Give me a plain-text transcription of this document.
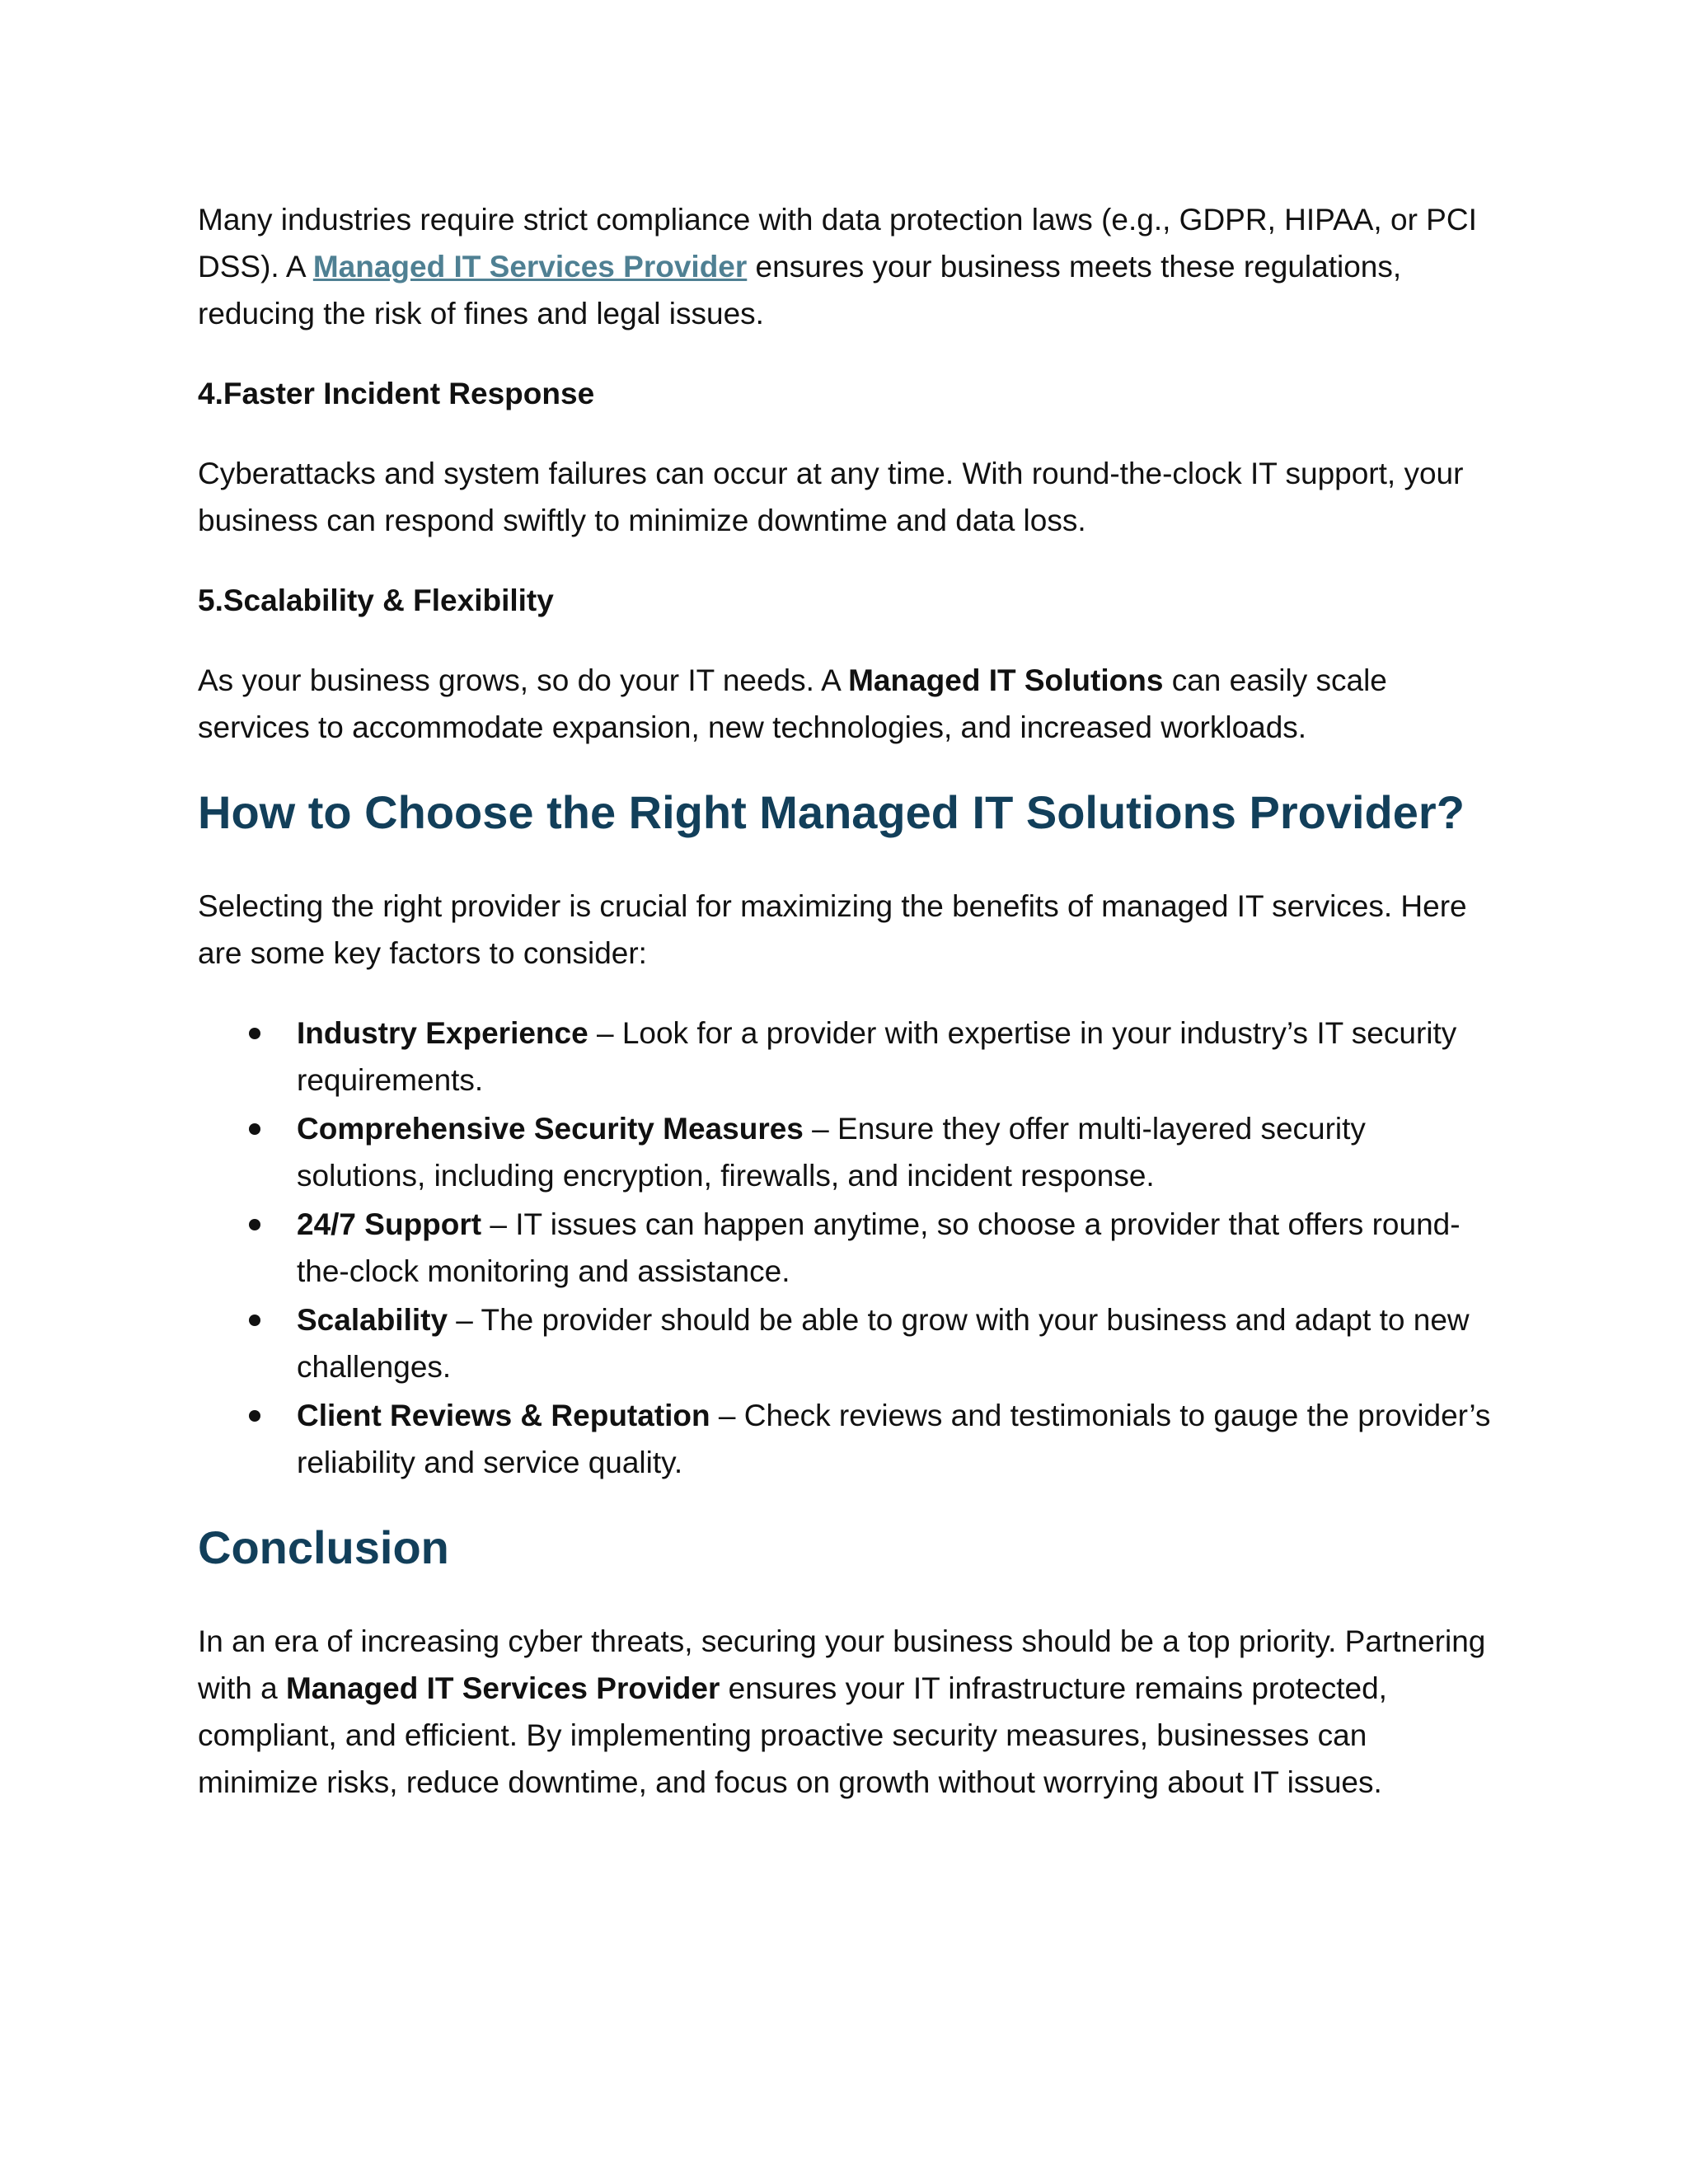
Many industries require strict compliance with data protection laws (e.g., GDPR, HIPAA, or PCI DSS). A Managed IT Services Provider ensures your business meets these regulations, reducing the risk of fines and legal issues.

4.Faster Incident Response

Cyberattacks and system failures can occur at any time. With round-the-clock IT support, your business can respond swiftly to minimize downtime and data loss.

5.Scalability & Flexibility

As your business grows, so do your IT needs. A Managed IT Solutions can easily scale services to accommodate expansion, new technologies, and increased workloads.

How to Choose the Right Managed IT Solutions Provider?

Selecting the right provider is crucial for maximizing the benefits of managed IT services. Here are some key factors to consider:

Industry Experience – Look for a provider with expertise in your industry’s IT security requirements.
Comprehensive Security Measures – Ensure they offer multi-layered security solutions, including encryption, firewalls, and incident response.
24/7 Support – IT issues can happen anytime, so choose a provider that offers round-the-clock monitoring and assistance.
Scalability – The provider should be able to grow with your business and adapt to new challenges.
Client Reviews & Reputation – Check reviews and testimonials to gauge the provider’s reliability and service quality.
Conclusion

In an era of increasing cyber threats, securing your business should be a top priority. Partnering with a Managed IT Services Provider ensures your IT infrastructure remains protected, compliant, and efficient. By implementing proactive security measures, businesses can minimize risks, reduce downtime, and focus on growth without worrying about IT issues.
